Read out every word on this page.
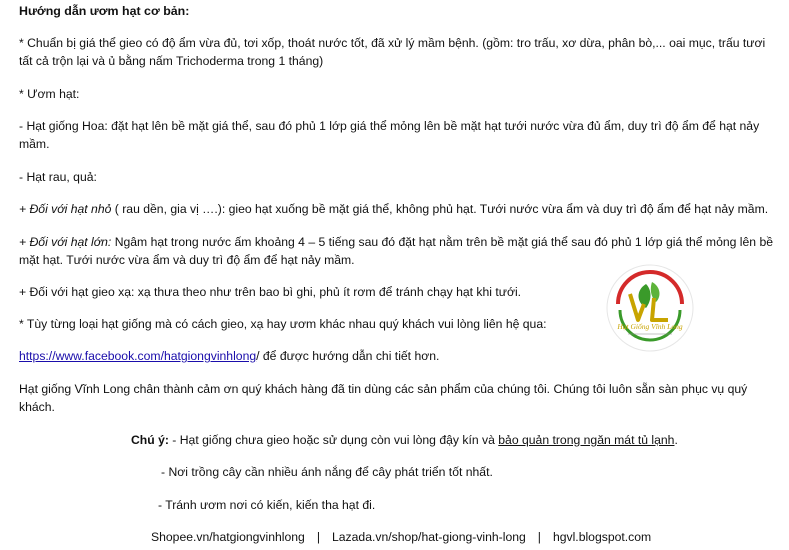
Hướng dẫn ươm hạt cơ bản:

* Chuẩn bị giá thể gieo có độ ẩm vừa đủ, tơi xốp, thoát nước tốt, đã xử lý mầm bệnh. (gồm: tro trấu, xơ dừa, phân bò,... oai mục, trấu tươi tất cả trộn lại và ủ bằng nấm Trichoderma trong 1 tháng)

* Ươm hạt:

- Hạt giống Hoa: đặt hạt lên bề mặt giá thể, sau đó phủ 1 lớp giá thể mỏng lên bề mặt hạt tưới nước vừa đủ ẩm, duy trì độ ẩm để hạt nảy mầm.

- Hạt rau, quả:

+ Đối với hạt nhỏ ( rau dền, gia vị ….): gieo hạt xuống bề mặt giá thể, không phủ hạt. Tưới nước vừa ẩm và duy trì độ ẩm để hạt nảy mầm.

+ Đối với hạt lớn: Ngâm hạt trong nước ấm khoảng 4 – 5 tiếng sau đó đặt hạt nằm trên bề mặt giá thể sau đó phủ 1 lớp giá thể mỏng lên bề mặt hạt. Tưới nước vừa ẩm và duy trì độ ẩm để hạt nảy mầm.

+ Đối với hạt gieo xạ: xạ thưa theo như trên bao bì ghi, phủ ít rơm để tránh chạy hạt khi tưới.

* Tùy từng loại hạt giống mà có cách gieo, xạ hay ươm khác nhau quý khách vui lòng liên hệ qua:

https://www.facebook.com/hatgiongvinhlong/ để được hướng dẫn chi tiết hơn.

Hạt giống Vĩnh Long chân thành cảm ơn quý khách hàng đã tin dùng các sản phẩm của chúng tôi. Chúng tôi luôn sẵn sàn phục vụ quý khách.

Chú ý: - Hạt giống chưa gieo hoặc sử dụng còn vui lòng đậy kín và bảo quản trong ngăn mát tủ lạnh.

- Nơi trồng cây cần nhiều ánh nắng để cây phát triển tốt nhất.

- Tránh ươm nơi có kiến, kiến tha hạt đi.

Shopee.vn/hatgiongvinhlong | Lazada.vn/shop/hat-giong-vinh-long | hgvl.blogspot.com

Hạt Giống Vĩnh Long
